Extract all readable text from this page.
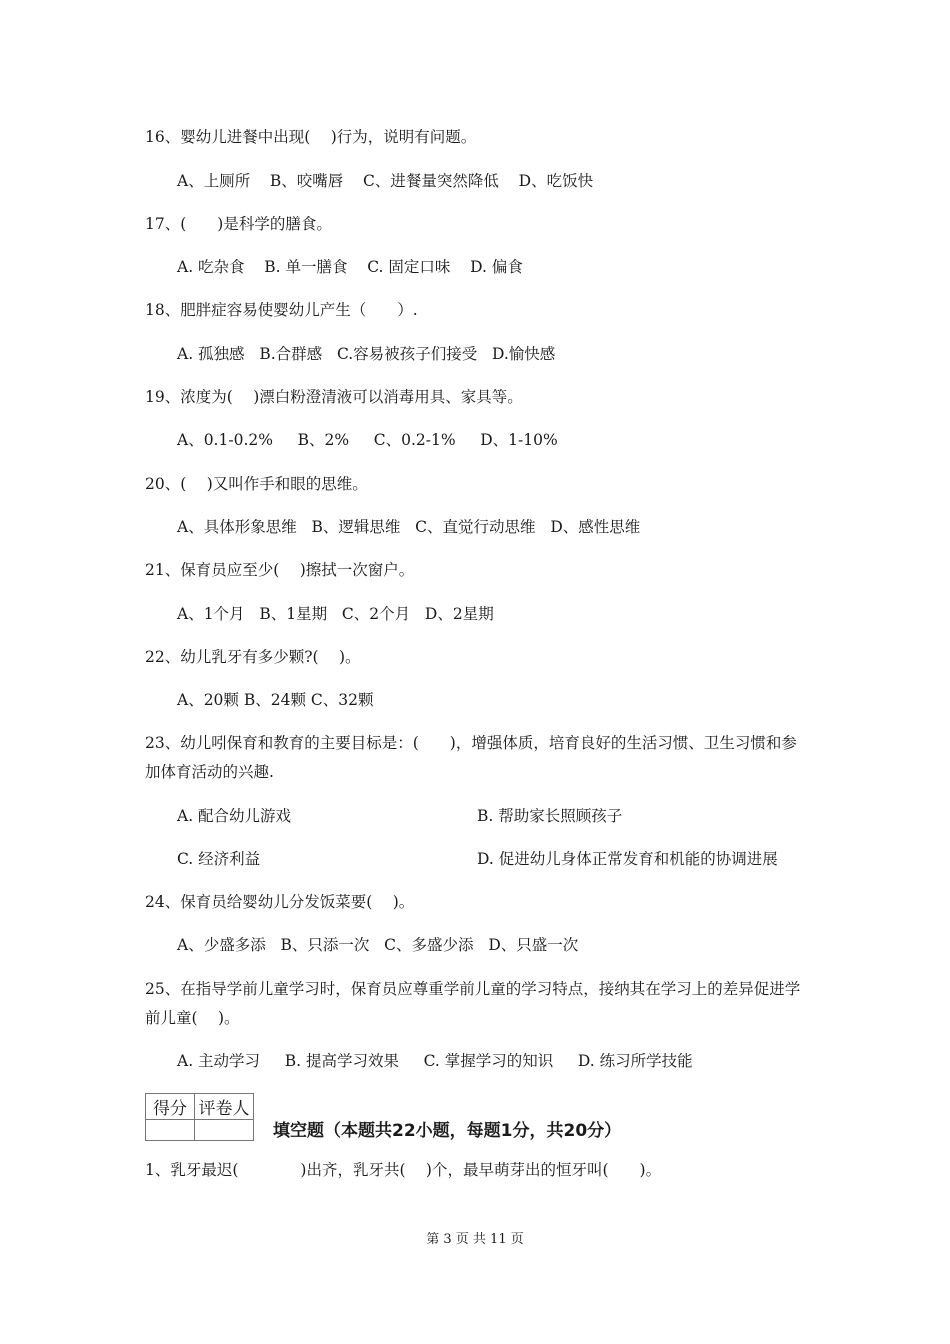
16、婴幼儿进餐中出现(　 )行为，说明有问题。

A、上厕所 B、咬嘴唇 C、进餐量突然降低 D、吃饭快

17、(　　)是科学的膳食。

A. 吃杂食 B. 单一膳食 C. 固定口味 D. 偏食

18、肥胖症容易使婴幼儿产生（　　）.

A. 孤独感 B.合群感 C.容易被孩子们接受 D.愉快感

19、浓度为(　 )漂白粉澄清液可以消毒用具、家具等。

A、0.1-0.2% B、2% C、0.2-1% D、1-10%

20、(　 )又叫作手和眼的思维。

A、具体形象思维 B、逻辑思维 C、直觉行动思维 D、感性思维

21、保育员应至少(　 )擦拭一次窗户。

A、1个月 B、1星期 C、2个月 D、2星期

22、幼儿乳牙有多少颗?(　 )。

A、20颗 B、24颗 C、32颗

23、幼儿吲保育和教育的主要目标是：(　　)，增强体质，培育良好的生活习惯、卫生习惯和参加体育活动的兴趣.

A. 配合幼儿游戏	B. 帮助家长照顾孩子

C. 经济利益	D. 促进幼儿身体正常发育和机能的协调进展

24、保育员给婴幼儿分发饭菜要(　 )。

A、少盛多添 B、只添一次 C、多盛少添 D、只盛一次

25、在指导学前儿童学习时，保育员应尊重学前儿童的学习特点，接纳其在学习上的差异促进学前儿童(　 )。

A. 主动学习 B. 提高学习效果 C. 掌握学习的知识 D. 练习所学技能

得分	评卷人

填空题（本题共22小题，每题1分，共20分）

1、乳牙最迟(　　　　)出齐，乳牙共(　 )个，最早萌芽出的恒牙叫(　　)。

第 3 页 共 11 页
